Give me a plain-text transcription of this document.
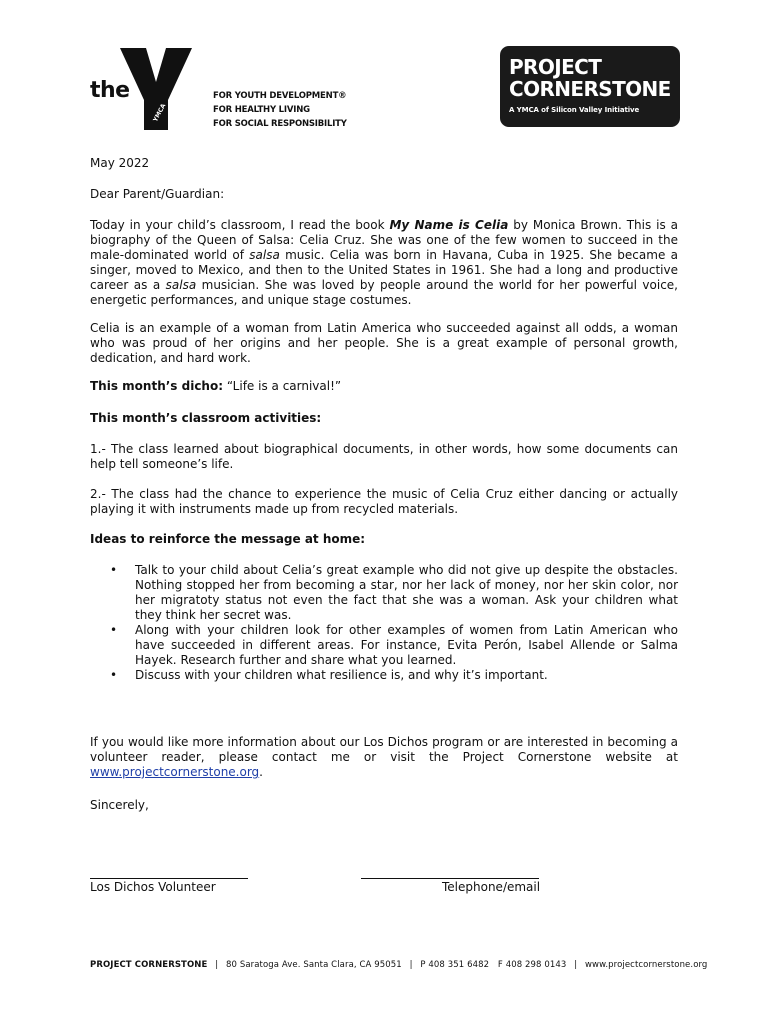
YMCA
the	FOR YOUTH DEVELOPMENT®
FOR HEALTHY LIVING
FOR SOCIAL RESPONSIBILITY
PROJECT
CORNERSTONE
A YMCA of Silicon Valley Initiative
May 2022
Dear Parent/Guardian:
Today in your child’s classroom, I read the book My Name is Celia by Monica Brown. This is a biography of the Queen of Salsa: Celia Cruz. She was one of the few women to succeed in the male-dominated world of salsa music. Celia was born in Havana, Cuba in 1925. She became a singer, moved to Mexico, and then to the United States in 1961. She had a long and productive career as a salsa musician. She was loved by people around the world for her powerful voice, energetic performances, and unique stage costumes.
Celia is an example of a woman from Latin America who succeeded against all odds, a woman who was proud of her origins and her people. She is a great example of personal growth, dedication, and hard work.
This month’s dicho: “Life is a carnival!”
This month’s classroom activities:
1.- The class learned about biographical documents, in other words, how some documents can help tell someone’s life.
2.- The class had the chance to experience the music of Celia Cruz either dancing or actually playing it with instruments made up from recycled materials.
Ideas to reinforce the message at home:
• Talk to your child about Celia’s great example who did not give up despite the obstacles. Nothing stopped her from becoming a star, nor her lack of money, nor her skin color, nor her migratoty status not even the fact that she was a woman. Ask your children what they think her secret was.
• Along with your children look for other examples of women from Latin American who have succeeded in different areas. For instance, Evita Perón, Isabel Allende or Salma Hayek. Research further and share what you learned.
• Discuss with your children what resilience is, and why it’s important.
If you would like more information about our Los Dichos program or are interested in becoming a volunteer reader, please contact me or visit the Project Cornerstone website at www.projectcornerstone.org.
Sincerely,
Los Dichos Volunteer	Telephone/email
PROJECT CORNERSTONE | 80 Saratoga Ave. Santa Clara, CA 95051 | P 408 351 6482 F 408 298 0143 | www.projectcornerstone.org
